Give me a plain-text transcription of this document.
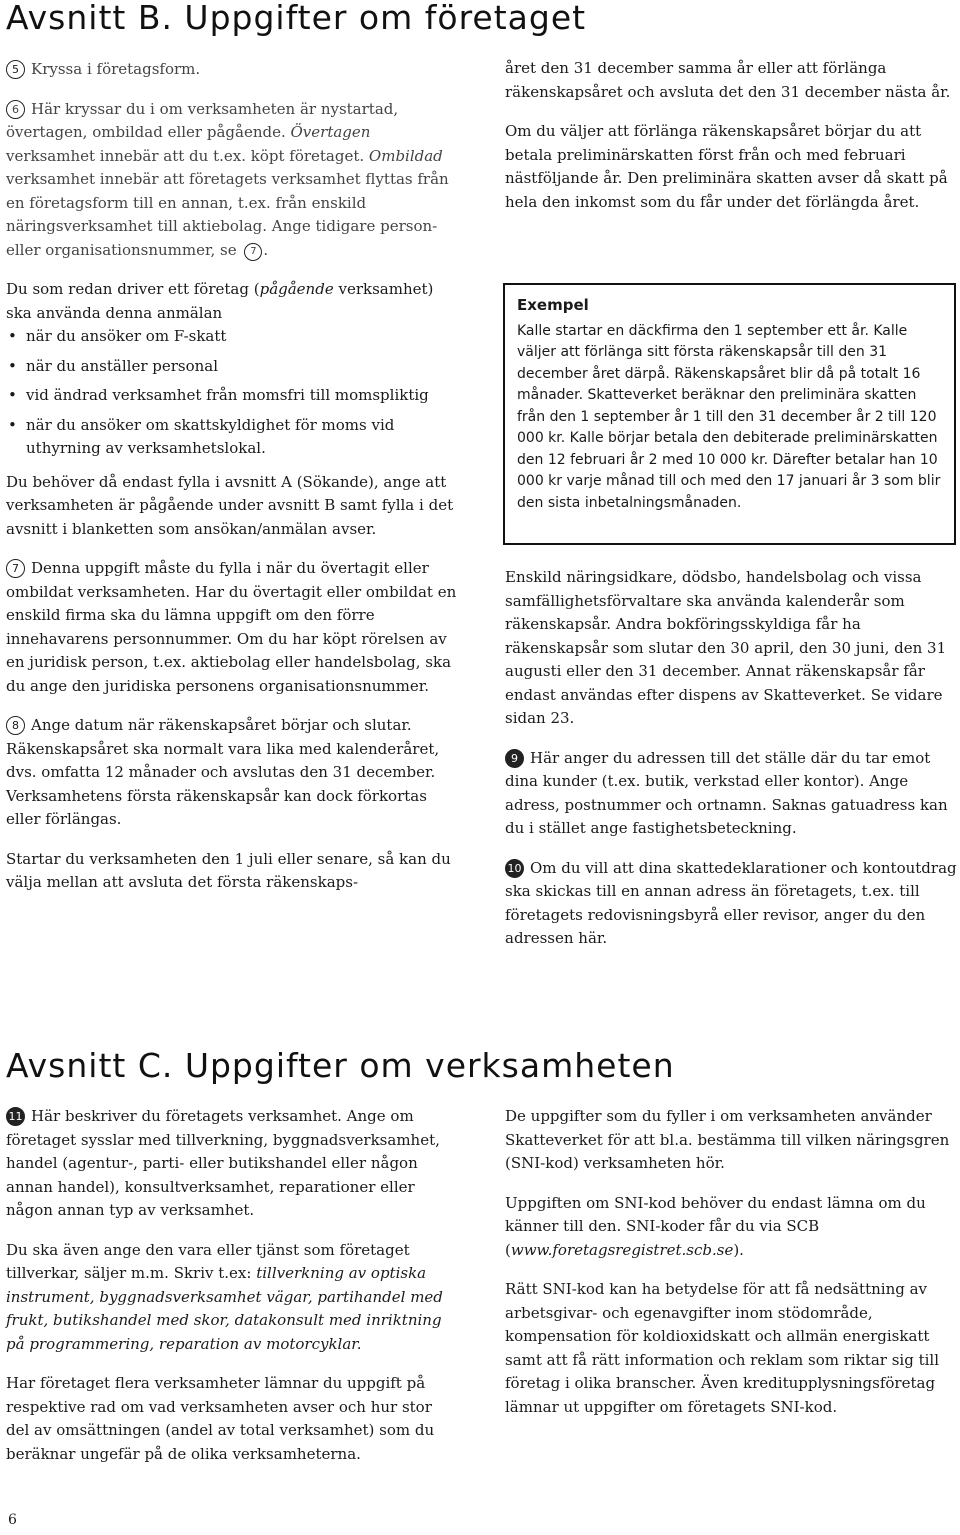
Avsnitt B. Uppgifter om företaget

5 Kryssa i företagsform.

6 Här kryssar du i om verksamheten är nystartad, övertagen, ombildad eller pågående. Övertagen verksamhet innebär att du t.ex. köpt företaget. Ombildad verksamhet innebär att företagets verksamhet flyttas från en företagsform till en annan, t.ex. från enskild näringsverksamhet till aktiebolag. Ange tidigare person- eller organisationsnummer, se 7 .

Du som redan driver ett företag (pågående verksamhet) ska använda denna anmälan

• när du ansöker om F-skatt
• när du anställer personal
• vid ändrad verksamhet från momsfri till momspliktig
• när du ansöker om skattskyldighet för moms vid uthyrning av verksamhetslokal.

Du behöver då endast fylla i avsnitt A (Sökande), ange att verksamheten är pågående under avsnitt B samt fylla i det avsnitt i blanketten som ansökan/anmälan avser.

7 Denna uppgift måste du fylla i när du övertagit eller ombildat verksamheten. Har du övertagit eller ombildat en enskild firma ska du lämna uppgift om den förre innehavarens personnummer. Om du har köpt rörelsen av en juridisk person, t.ex. aktiebolag eller handelsbolag, ska du ange den juridiska personens organisationsnummer.

8 Ange datum när räkenskapsåret börjar och slutar. Räkenskapsåret ska normalt vara lika med kalenderåret, dvs. omfatta 12 månader och avslutas den 31 december. Verksamhetens första räkenskapsår kan dock förkortas eller förlängas.

Startar du verksamheten den 1 juli eller senare, så kan du välja mellan att avsluta det första räkenskaps-

året den 31 december samma år eller att förlänga räkenskapsåret och avsluta det den 31 december nästa år.

Om du väljer att förlänga räkenskapsåret börjar du att betala preliminärskatten först från och med februari nästföljande år. Den preliminära skatten avser då skatt på hela den inkomst som du får under det förlängda året.

Exempel
Kalle startar en däckfirma den 1 september ett år. Kalle väljer att förlänga sitt första räkenskapsår till den 31 december året därpå. Räkenskapsåret blir då på totalt 16 månader. Skatteverket beräknar den preliminära skatten från den 1 september år 1 till den 31 december år 2 till 120 000 kr. Kalle börjar betala den debiterade preliminärskatten den 12 februari år 2 med 10 000 kr. Därefter betalar han 10 000 kr varje månad till och med den 17 januari år 3 som blir den sista inbetalningsmånaden.

Enskild näringsidkare, dödsbo, handelsbolag och vissa samfällighetsförvaltare ska använda kalenderår som räkenskapsår. Andra bokföringsskyldiga får ha räkenskapsår som slutar den 30 april, den 30 juni, den 31 augusti eller den 31 december. Annat räkenskapsår får endast användas efter dispens av Skatteverket. Se vidare sidan 23.

9 Här anger du adressen till det ställe där du tar emot dina kunder (t.ex. butik, verkstad eller kontor). Ange adress, postnummer och ortnamn. Saknas gatuadress kan du i stället ange fastighetsbeteckning.

10 Om du vill att dina skattedeklarationer och kontoutdrag ska skickas till en annan adress än företagets, t.ex. till företagets redovisningsbyrå eller revisor, anger du den adressen här.

Avsnitt C. Uppgifter om verksamheten

11 Här beskriver du företagets verksamhet. Ange om företaget sysslar med tillverkning, byggnadsverksamhet, handel (agentur-, parti- eller butikshandel eller någon annan handel), konsultverksamhet, reparationer eller någon annan typ av verksamhet.

Du ska även ange den vara eller tjänst som företaget tillverkar, säljer m.m. Skriv t.ex: tillverkning av optiska instrument, byggnadsverksamhet vägar, partihandel med frukt, butikshandel med skor, datakonsult med inriktning på programmering, reparation av motorcyklar.

Har företaget flera verksamheter lämnar du uppgift på respektive rad om vad verksamheten avser och hur stor del av omsättningen (andel av total verksamhet) som du beräknar ungefär på de olika verksamheterna.

De uppgifter som du fyller i om verksamheten använder Skatteverket för att bl.a. bestämma till vilken näringsgren (SNI-kod) verksamheten hör.

Uppgiften om SNI-kod behöver du endast lämna om du känner till den. SNI-koder får du via SCB (www.foretagsregistret.scb.se).

Rätt SNI-kod kan ha betydelse för att få nedsättning av arbetsgivar- och egenavgifter inom stödområde, kompensation för koldioxidskatt och allmän energiskatt samt att få rätt information och reklam som riktar sig till företag i olika branscher. Även kreditupplysningsföretag lämnar ut uppgifter om företagets SNI-kod.

6
